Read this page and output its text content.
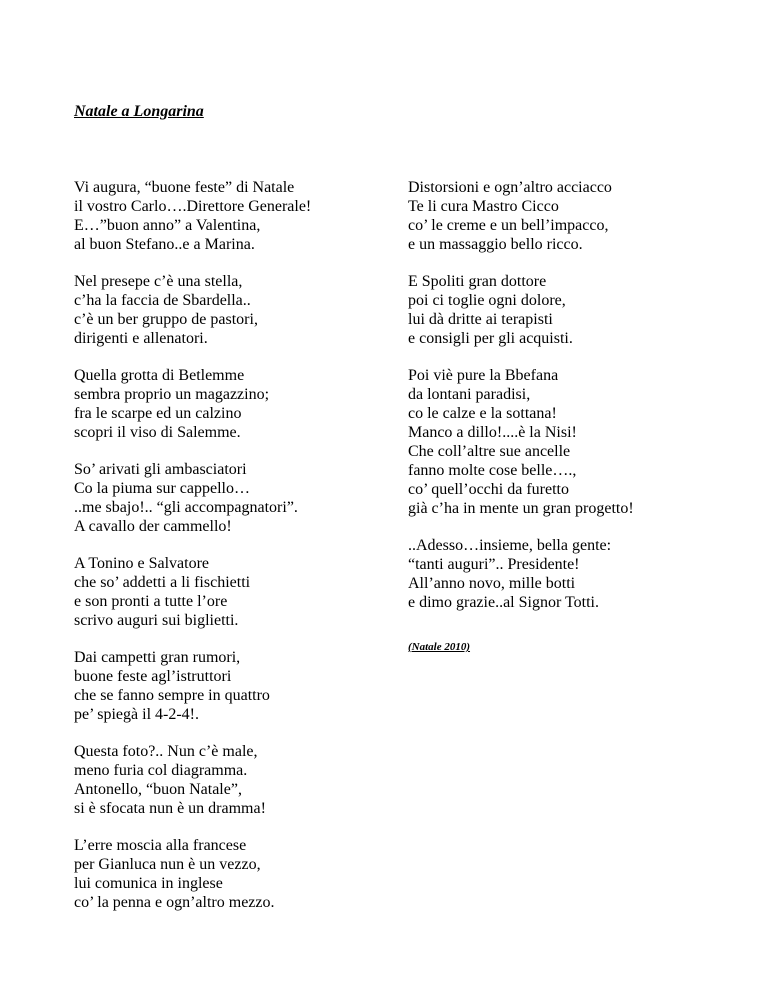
Natale a Longarina
Vi augura, “buone feste” di Natale
il vostro Carlo….Direttore Generale!
E…”buon anno” a Valentina,
al buon Stefano..e a Marina.
Nel presepe c’è una stella,
c’ha la faccia de Sbardella..
c’è un ber gruppo de pastori,
dirigenti e allenatori.
Quella grotta di Betlemme
sembra proprio un magazzino;
fra le scarpe ed un calzino
scopri il viso di Salemme.
So’ arivati gli ambasciatori
Co la piuma sur cappello…
..me sbajo!.. “gli accompagnatori”.
A cavallo der cammello!
A Tonino e Salvatore
che so’ addetti a li fischietti
e son pronti a tutte l’ore
scrivo auguri sui biglietti.
Dai campetti gran rumori,
buone feste agl’istruttori
che se fanno sempre in quattro
pe’ spiegà il 4-2-4!.
Questa foto?.. Nun c’è male,
meno furia col diagramma.
Antonello, “buon Natale”,
si è sfocata nun è un dramma!
L’erre moscia alla francese
per Gianluca nun è un vezzo,
lui comunica in inglese
co’ la penna e ogn’altro mezzo.
Distorsioni e ogn’altro acciacco
Te li cura Mastro Cicco
co’ le creme e un bell’impacco,
e un massaggio bello ricco.
E Spoliti gran dottore
poi ci toglie ogni dolore,
lui dà dritte ai terapisti
e consigli per gli acquisti.
Poi viè pure la Bbefana
da lontani paradisi,
co le calze e la sottana!
Manco a dillo!....è la Nisi!
Che coll’altre sue ancelle
fanno molte cose belle….,
co’ quell’occhi da furetto
già c’ha in mente un gran progetto!
..Adesso…insieme, bella gente:
“tanti auguri”.. Presidente!
All’anno novo, mille botti
e dimo grazie..al Signor Totti.
(Natale 2010)
